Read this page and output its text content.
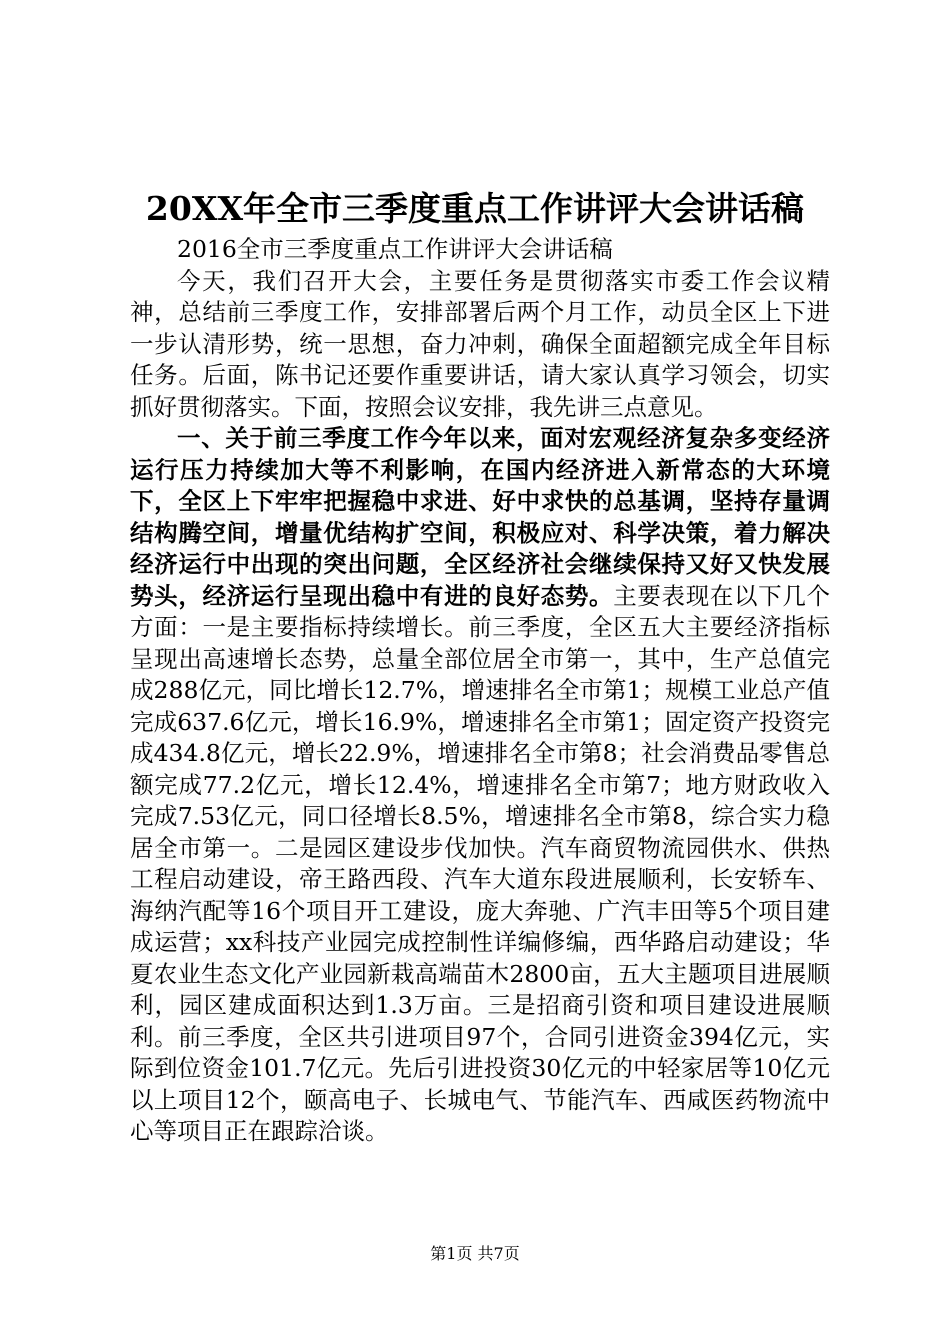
20XX年全市三季度重点工作讲评大会讲话稿

2016全市三季度重点工作讲评大会讲话稿

今天，我们召开大会，主要任务是贯彻落实市委工作会议精神，总结前三季度工作，安排部署后两个月工作，动员全区上下进一步认清形势，统一思想，奋力冲刺，确保全面超额完成全年目标任务。后面，陈书记还要作重要讲话，请大家认真学习领会，切实抓好贯彻落实。下面，按照会议安排，我先讲三点意见。

一、关于前三季度工作今年以来，面对宏观经济复杂多变经济运行压力持续加大等不利影响，在国内经济进入新常态的大环境下，全区上下牢牢把握稳中求进、好中求快的总基调，坚持存量调结构腾空间，增量优结构扩空间，积极应对、科学决策，着力解决经济运行中出现的突出问题，全区经济社会继续保持又好又快发展势头，经济运行呈现出稳中有进的良好态势。主要表现在以下几个方面：一是主要指标持续增长。前三季度，全区五大主要经济指标呈现出高速增长态势，总量全部位居全市第一，其中，生产总值完成288亿元，同比增长12.7%，增速排名全市第1；规模工业总产值完成637.6亿元，增长16.9%，增速排名全市第1；固定资产投资完成434.8亿元，增长22.9%，增速排名全市第8；社会消费品零售总额完成77.2亿元，增长12.4%，增速排名全市第7；地方财政收入完成7.53亿元，同口径增长8.5%，增速排名全市第8，综合实力稳居全市第一。二是园区建设步伐加快。汽车商贸物流园供水、供热工程启动建设，帝王路西段、汽车大道东段进展顺利，长安轿车、海纳汽配等16个项目开工建设，庞大奔驰、广汽丰田等5个项目建成运营；xx科技产业园完成控制性详编修编，西华路启动建设；华夏农业生态文化产业园新栽高端苗木2800亩，五大主题项目进展顺利，园区建成面积达到1.3万亩。三是招商引资和项目建设进展顺利。前三季度，全区共引进项目97个，合同引进资金394亿元，实际到位资金101.7亿元。先后引进投资30亿元的中轻家居等10亿元以上项目12个，颐高电子、长城电气、节能汽车、西咸医药物流中心等项目正在跟踪洽谈。

第1页 共7页
